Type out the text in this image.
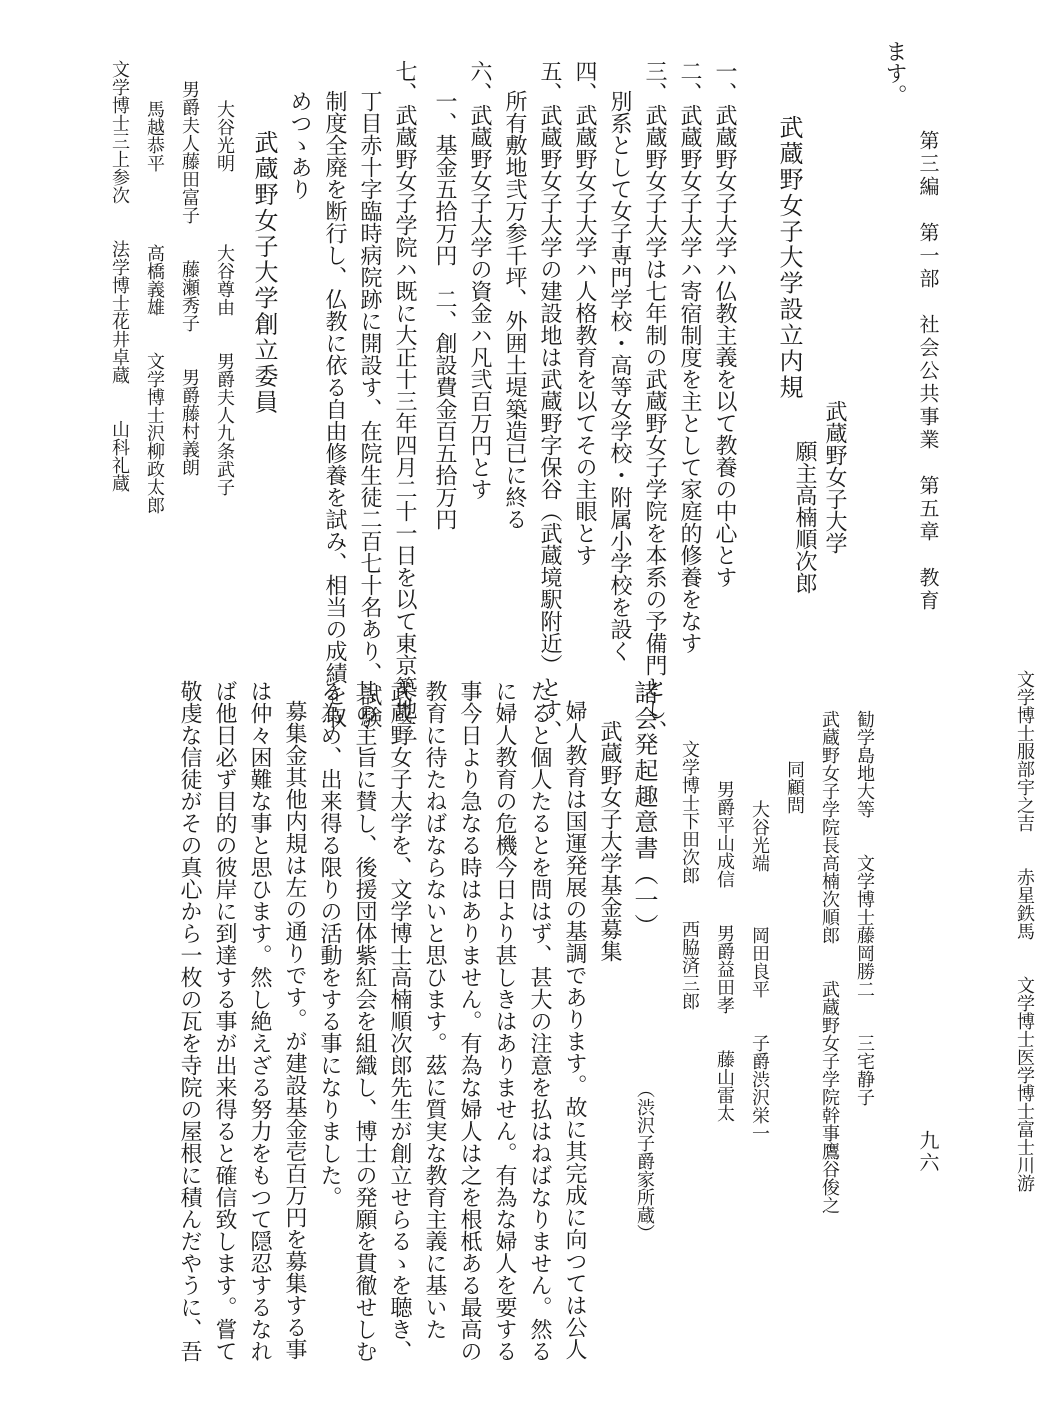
第三編　第一部　社会公共事業　第五章　教育
九六
ます。
文学博士服部宇之吉　　赤星鉄馬　　文学博士医学博士富士川游
武蔵野女子大学設立内規
武蔵野女子大学
願主高楠順次郎
一、武蔵野女子大学ハ仏教主義を以て教養の中心とす
二、武蔵野女子大学ハ寄宿制度を主として家庭的修養をなす
三、武蔵野女子大学は七年制の武蔵野女子学院を本系の予備門とし、
別系として女子専門学校・高等女学校・附属小学校を設く
四、武蔵野女子大学ハ人格教育を以てその主眼とす
五、武蔵野女子大学の建設地は武蔵野字保谷（武蔵境駅附近）とす、
所有敷地弐万参千坪、外囲土堤築造已に終る
六、武蔵野女子大学の資金ハ凡弐百万円とす
一、基金五拾万円　二、創設費金百五拾万円
七、武蔵野女子学院ハ既に大正十三年四月二十一日を以て東京築地三
丁目赤十字臨時病院跡に開設す、在院生徒二百七十名あり、試験
制度全廃を断行し、仏教に依る自由修養を試み、相当の成績を収
めつゝあり
武蔵野女子大学創立委員
大谷光明　　　　大谷尊由　　男爵夫人九条武子
男爵夫人藤田富子　　藤瀬秀子　　男爵藤村義朗
馬越恭平　　　　高橋義雄　　文学博士沢柳政太郎
文学博士三上参次　　法学博士花井卓蔵　　山科礼蔵
勧学島地大等　　文学博士藤岡勝二　　三宅静子
武蔵野女子学院長高楠次順郎　　武蔵野女子学院幹事鷹谷俊之
同顧問
大谷光端　　　岡田良平　　子爵渋沢栄一
男爵平山成信　　男爵益田孝　　藤山雷太
文学博士下田次郎　　西脇済三郎
諸会発起趣意書（一）
（渋沢子爵家所蔵）
武蔵野女子大学基金募集
婦人教育は国運発展の基調であります。故に其完成に向つては公人
たると個人たるとを問はず、甚大の注意を払はねばなりません。然る
に婦人教育の危機今日より甚しきはありません。有為な婦人を要する
事今日より急なる時はありません。有為な婦人は之を根柢ある最高の
教育に待たねばならないと思ひます。茲に質実な教育主義に基いた
武蔵野女子大学を、文学博士高楠順次郎先生が創立せらるゝを聴き、
其の主旨に賛し、後援団体紫紅会を組織し、博士の発願を貫徹せしむ
る為め、出来得る限りの活動をする事になりました。
募集金其他内規は左の通りです。が建設基金壱百万円を募集する事
は仲々困難な事と思ひます。然し絶えざる努力をもつて隠忍するなれ
ば他日必ず目的の彼岸に到達する事が出来得ると確信致します。嘗て
敬虔な信徒がその真心から一枚の瓦を寺院の屋根に積んだやうに、吾
